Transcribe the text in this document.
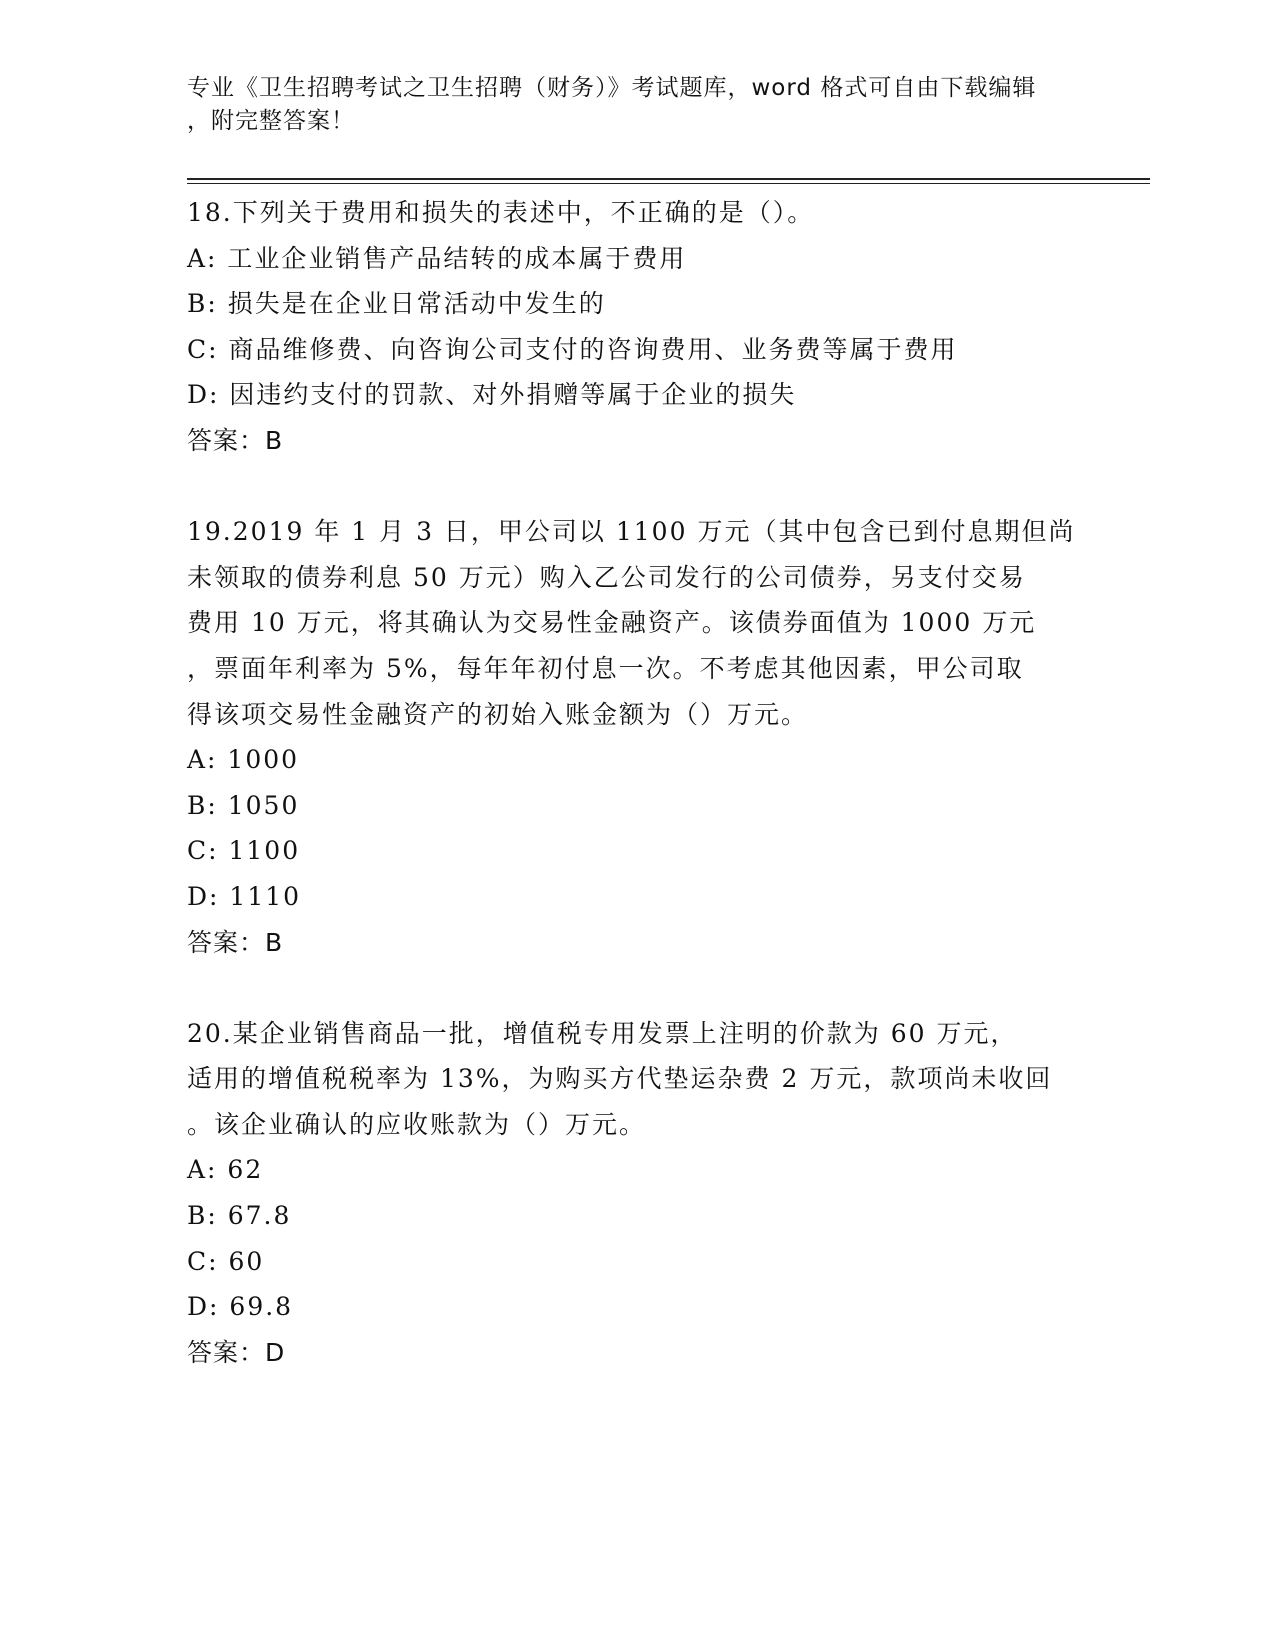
专业《卫生招聘考试之卫生招聘（财务）》考试题库，word 格式可自由下载编辑

，附完整答案！

18.下列关于费用和损失的表述中，不正确的是（）。

A: 工业企业销售产品结转的成本属于费用

B: 损失是在企业日常活动中发生的

C: 商品维修费、向咨询公司支付的咨询费用、业务费等属于费用

D: 因违约支付的罚款、对外捐赠等属于企业的损失

答案：B

19.2019 年 1 月 3 日，甲公司以 1100 万元（其中包含已到付息期但尚

未领取的债券利息 50 万元）购入乙公司发行的公司债券，另支付交易

费用 10 万元，将其确认为交易性金融资产。该债券面值为 1000 万元

，票面年利率为 5%，每年年初付息一次。不考虑其他因素，甲公司取

得该项交易性金融资产的初始入账金额为（）万元。

A: 1000

B: 1050

C: 1100

D: 1110

答案：B

20.某企业销售商品一批，增值税专用发票上注明的价款为 60 万元，

适用的增值税税率为 13%，为购买方代垫运杂费 2 万元，款项尚未收回

。该企业确认的应收账款为（）万元。

A: 62

B: 67.8

C: 60

D: 69.8

答案：D
